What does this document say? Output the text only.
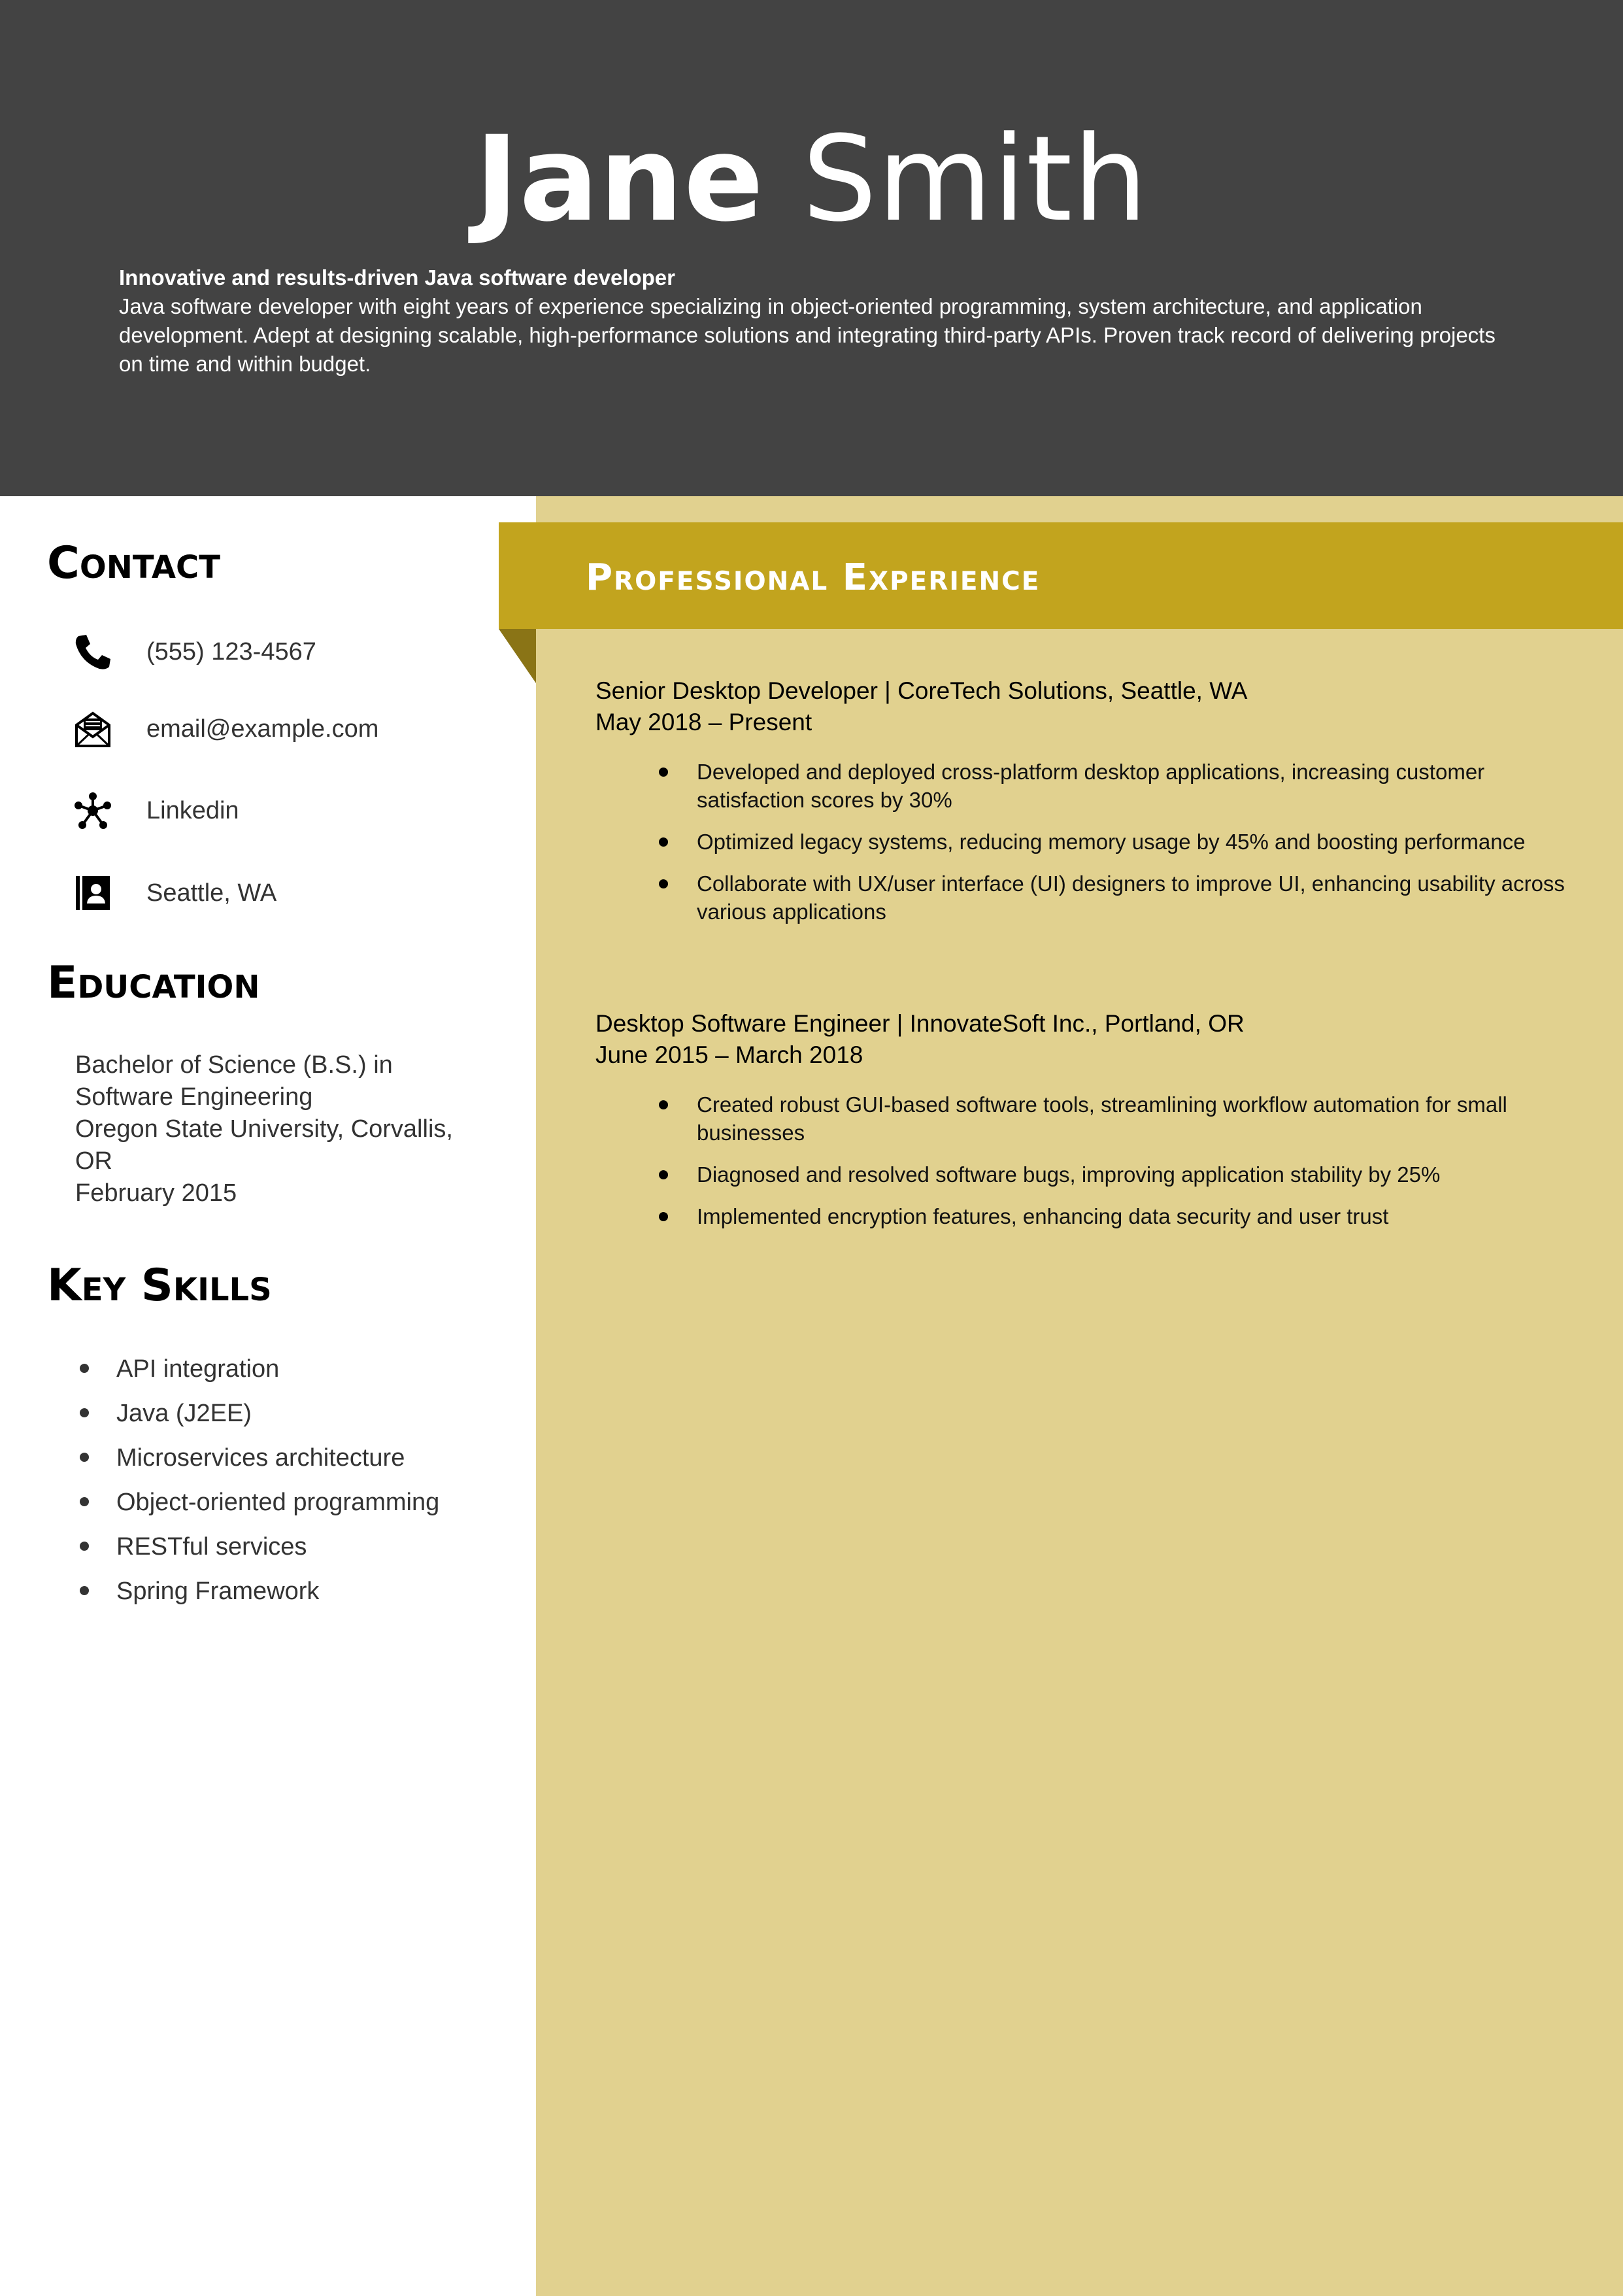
Jane Smith
Innovative and results-driven Java software developer
Java software developer with eight years of experience specializing in object-oriented programming, system architecture, and application development. Adept at designing scalable, high-performance solutions and integrating third-party APIs. Proven track record of delivering projects on time and within budget.
Professional Experience
Senior Desktop Developer | CoreTech Solutions, Seattle, WA
May 2018 – Present
Developed and deployed cross-platform desktop applications, increasing customer satisfaction scores by 30%
Optimized legacy systems, reducing memory usage by 45% and boosting performance
Collaborate with UX/user interface (UI) designers to improve UI, enhancing usability across various applications
Desktop Software Engineer | InnovateSoft Inc., Portland, OR
June 2015 – March 2018
Created robust GUI-based software tools, streamlining workflow automation for small businesses
Diagnosed and resolved software bugs, improving application stability by 25%
Implemented encryption features, enhancing data security and user trust
Contact
(555) 123-4567
email@example.com
Linkedin
Seattle, WA
Education
Bachelor of Science (B.S.) in
Software Engineering
Oregon State University, Corvallis,
OR
February 2015
Key Skills
API integration
Java (J2EE)
Microservices architecture
Object-oriented programming
RESTful services
Spring Framework
